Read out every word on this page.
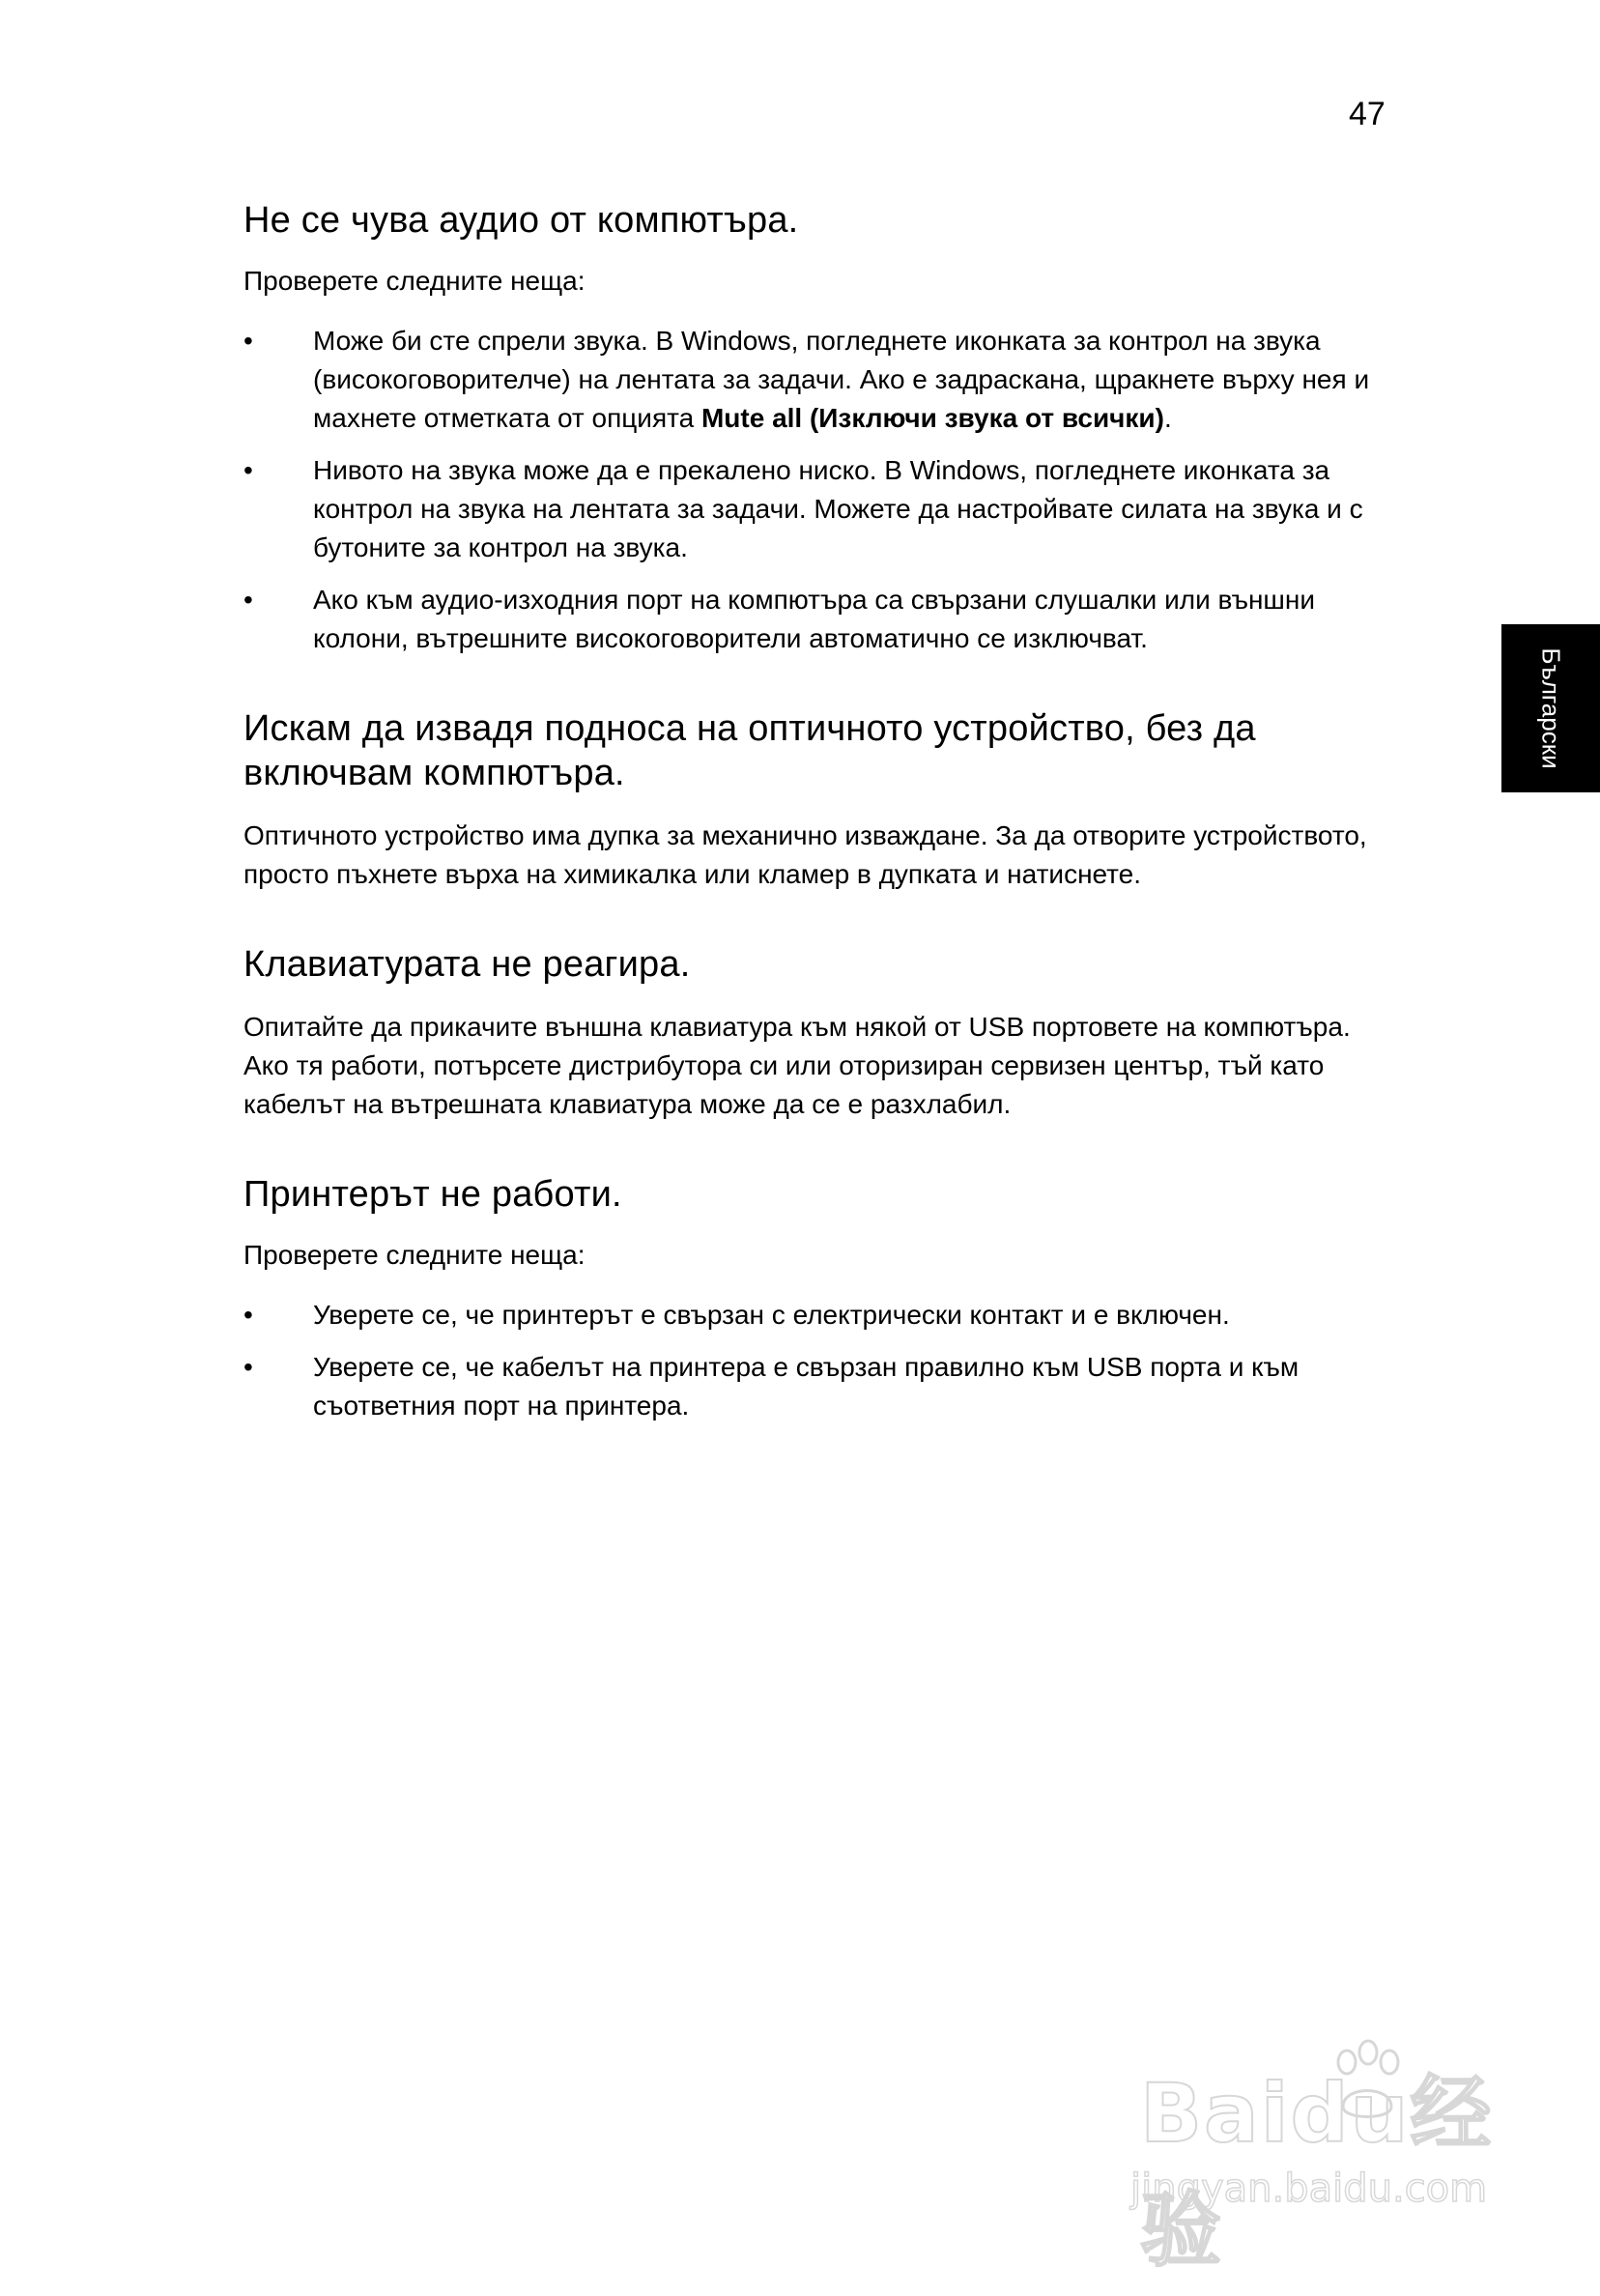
47
Български
Не се чува аудио от компютъра.

Проверете следните неща:

• Може би сте спрели звука. В Windows, погледнете иконката за контрол на звука (високоговорителче) на лентата за задачи. Ако е задраскана, щракнете върху нея и махнете отметката от опцията Mute all (Изключи звука от всички).
• Нивото на звука може да е прекалено ниско. В Windows, погледнете иконката за контрол на звука на лентата за задачи. Можете да настройвате силата на звука и с бутоните за контрол на звука.
• Ако към аудио-изходния порт на компютъра са свързани слушалки или външни колони, вътрешните високоговорители автоматично се изключват.
Искам да извадя подноса на оптичното устройство, без да включвам компютъра.

Оптичното устройство има дупка за механично изваждане. За да отворите устройството, просто пъхнете върха на химикалка или кламер в дупката и натиснете.

Клавиатурата не реагира.

Опитайте да прикачите външна клавиатура към някой от USB портовете на компютъра. Ако тя работи, потърсете дистрибутора си или оторизиран сервизен център, тъй като кабелът на вътрешната клавиатура може да се е разхлабил.

Принтерът не работи.

Проверете следните неща:

• Уверете се, че принтерът е свързан с електрически контакт и е включен.
• Уверете се, че кабелът на принтера е свързан правилно към USB порта и към съответния порт на принтера.
Baidu经验
jingyan.baidu.com
